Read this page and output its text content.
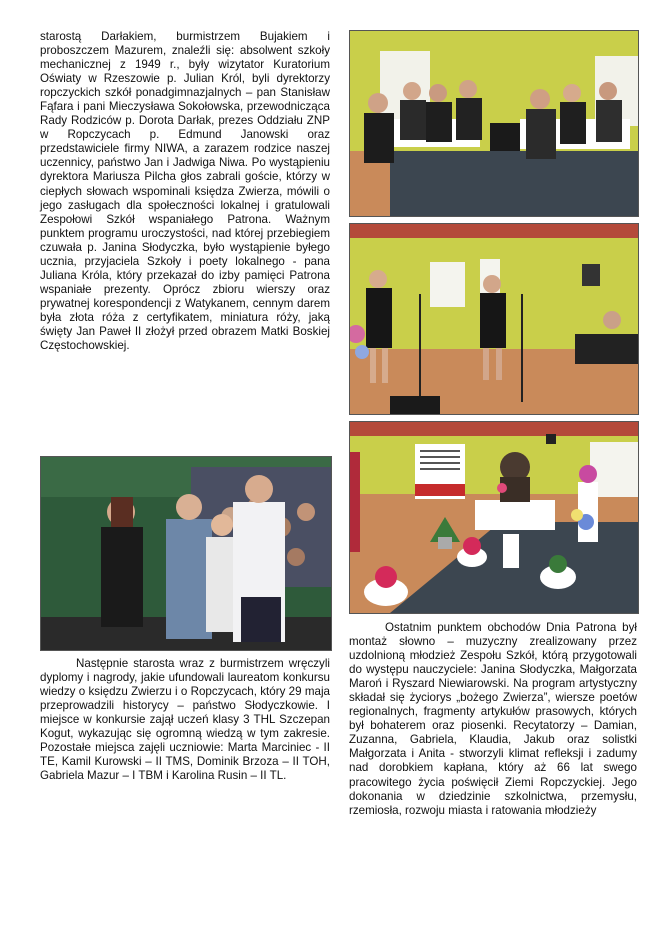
starostą Darłakiem, burmistrzem Bujakiem i proboszczem Mazurem, znaleźli się: absolwent szkoły mechanicznej z 1949 r., były wizytator Kuratorium Oświaty w Rzeszowie p. Julian Król, byli dyrektorzy ropczyckich szkół ponadgimnazjalnych – pan Stanisław Fąfara i pani Mieczysława Sokołowska, przewodnicząca Rady Rodziców p. Dorota Darłak, prezes Oddziału ZNP w Ropczycach p. Edmund Janowski oraz przedstawiciele firmy NIWA, a zarazem rodzice naszej uczennicy, państwo Jan i Jadwiga Niwa. Po wystąpieniu dyrektora Mariusza Pilcha głos zabrali goście, którzy w ciepłych słowach wspominali księdza Zwierza, mówili o jego zasługach dla społeczności lokalnej i gratulowali Zespołowi Szkół wspaniałego Patrona. Ważnym punktem programu uroczystości, nad której przebiegiem czuwała p. Janina Słodyczka, było wystąpienie byłego ucznia, przyjaciela Szkoły i poety lokalnego - pana Juliana Króla, który przekazał do izby pamięci Patrona wspaniałe prezenty. Oprócz zbioru wierszy oraz prywatnej korespondencji z Watykanem, cennym darem była złota róża z certyfikatem, miniatura róży, jaką święty Jan Paweł II złożył przed obrazem Matki Boskiej Częstochowskiej.

Następnie starosta wraz z burmistrzem wręczyli dyplomy i nagrody, jakie ufundowali laureatom konkursu wiedzy o księdzu Zwierzu i o Ropczycach, który 29 maja przeprowadzili historycy – państwo Słodyczkowie. I miejsce w konkursie zajął uczeń klasy 3 THL Szczepan Kogut, wykazując się ogromną wiedzą w tym zakresie. Pozostałe miejsca zajęli uczniowie: Marta Marciniec - II TE, Kamil Kurowski – II TMS, Dominik Brzoza – II TOH, Gabriela Mazur – I TBM i Karolina Rusin – II TL.

Ostatnim punktem obchodów Dnia Patrona był montaż słowno – muzyczny zrealizowany przez uzdolnioną młodzież Zespołu Szkół, którą przygotowali do występu nauczyciele: Janina Słodyczka, Małgorzata Maroń i Ryszard Niewiarowski. Na program artystyczny składał się życiorys „bożego Zwierza”, wiersze poetów regionalnych, fragmenty artykułów prasowych, których był bohaterem oraz piosenki. Recytatorzy – Damian, Zuzanna, Gabriela, Klaudia, Jakub oraz solistki Małgorzata i Anita - stworzyli klimat refleksji i zadumy nad dorobkiem kapłana, który aż 66 lat swego pracowitego życia poświęcił Ziemi Ropczyckiej. Jego dokonania w dziedzinie szkolnictwa, przemysłu, rzemiosła, rozwoju miasta i ratowania młodzieży
